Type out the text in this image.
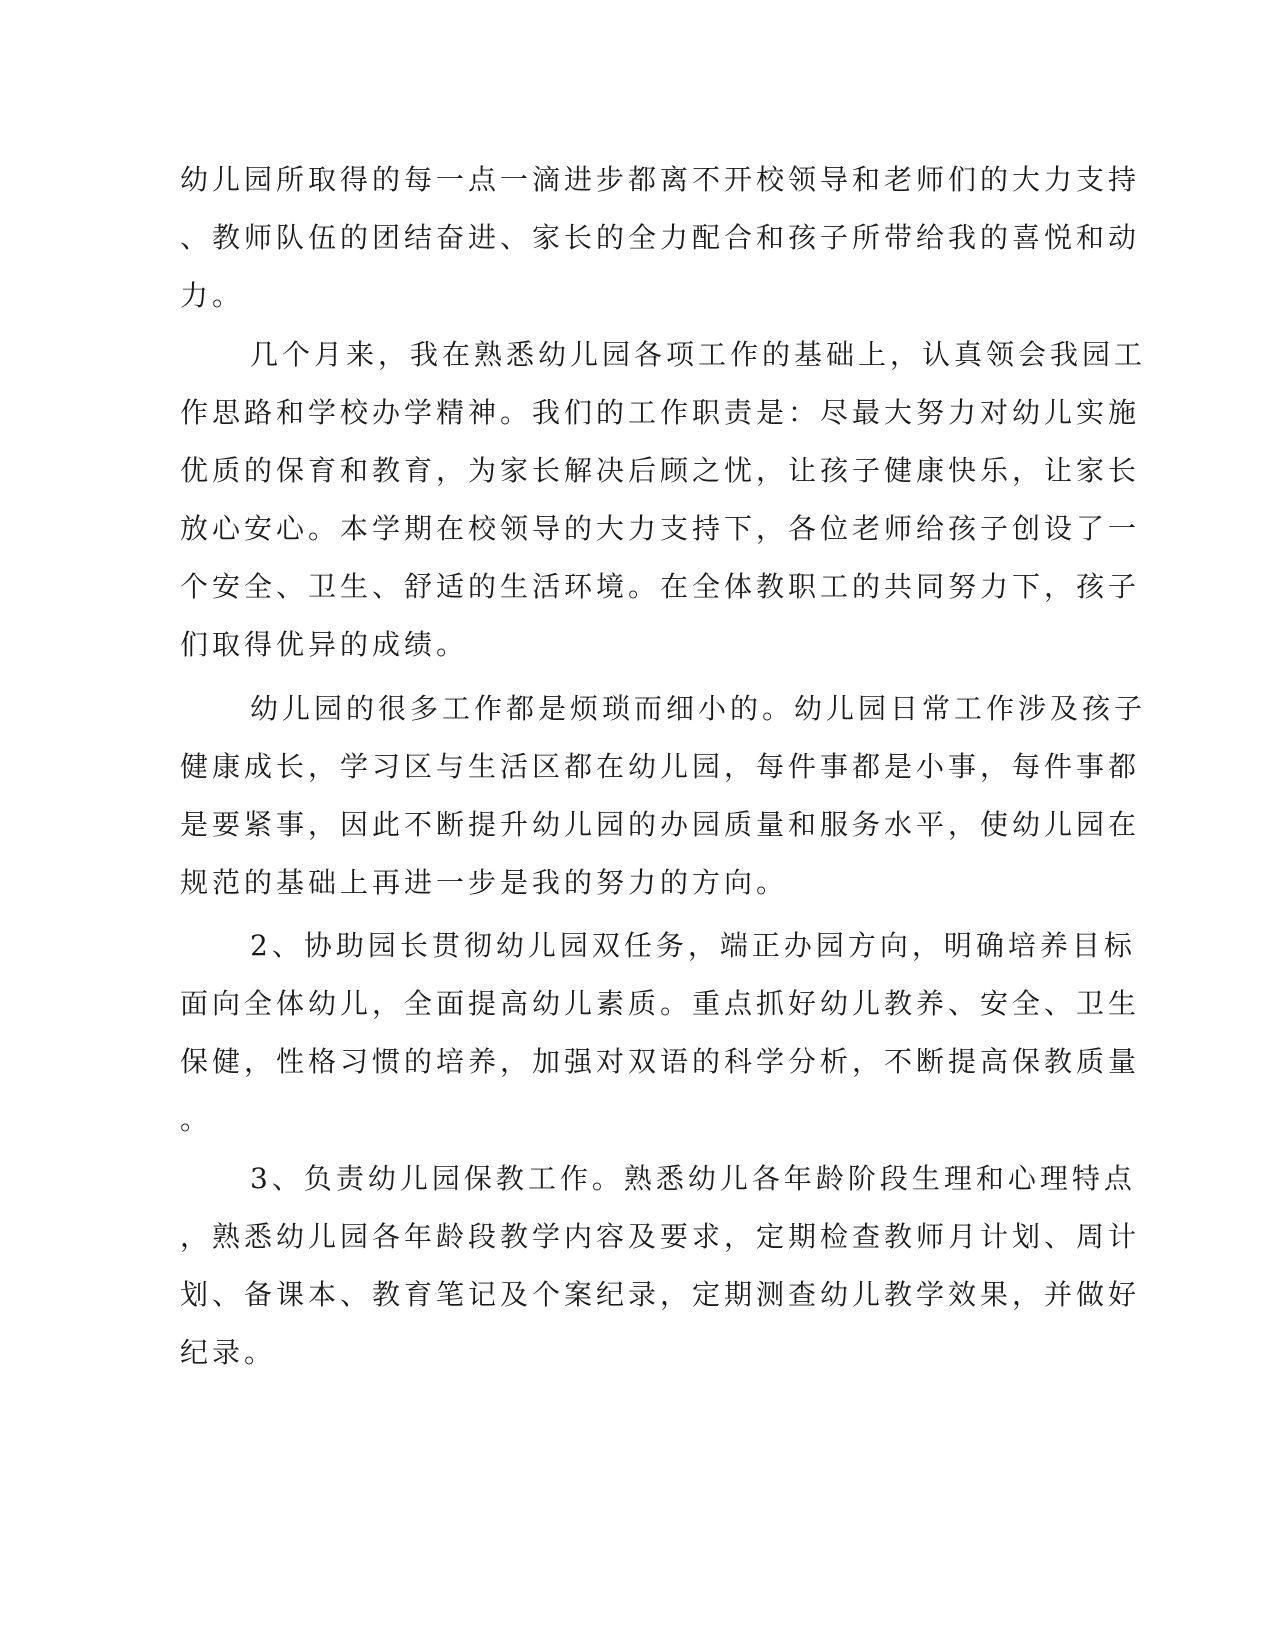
幼儿园所取得的每一点一滴进步都离不开校领导和老师们的大力支持
、教师队伍的团结奋进、家长的全力配合和孩子所带给我的喜悦和动
力。
几个月来，我在熟悉幼儿园各项工作的基础上，认真领会我园工
作思路和学校办学精神。我们的工作职责是：尽最大努力对幼儿实施
优质的保育和教育，为家长解决后顾之忧，让孩子健康快乐，让家长
放心安心。本学期在校领导的大力支持下，各位老师给孩子创设了一
个安全、卫生、舒适的生活环境。在全体教职工的共同努力下，孩子
们取得优异的成绩。
幼儿园的很多工作都是烦琐而细小的。幼儿园日常工作涉及孩子
健康成长，学习区与生活区都在幼儿园，每件事都是小事，每件事都
是要紧事，因此不断提升幼儿园的办园质量和服务水平，使幼儿园在
规范的基础上再进一步是我的努力的方向。
2、协助园长贯彻幼儿园双任务，端正办园方向，明确培养目标
面向全体幼儿，全面提高幼儿素质。重点抓好幼儿教养、安全、卫生
保健，性格习惯的培养，加强对双语的科学分析，不断提高保教质量
。
3、负责幼儿园保教工作。熟悉幼儿各年龄阶段生理和心理特点
，熟悉幼儿园各年龄段教学内容及要求，定期检查教师月计划、周计
划、备课本、教育笔记及个案纪录，定期测查幼儿教学效果，并做好
纪录。
